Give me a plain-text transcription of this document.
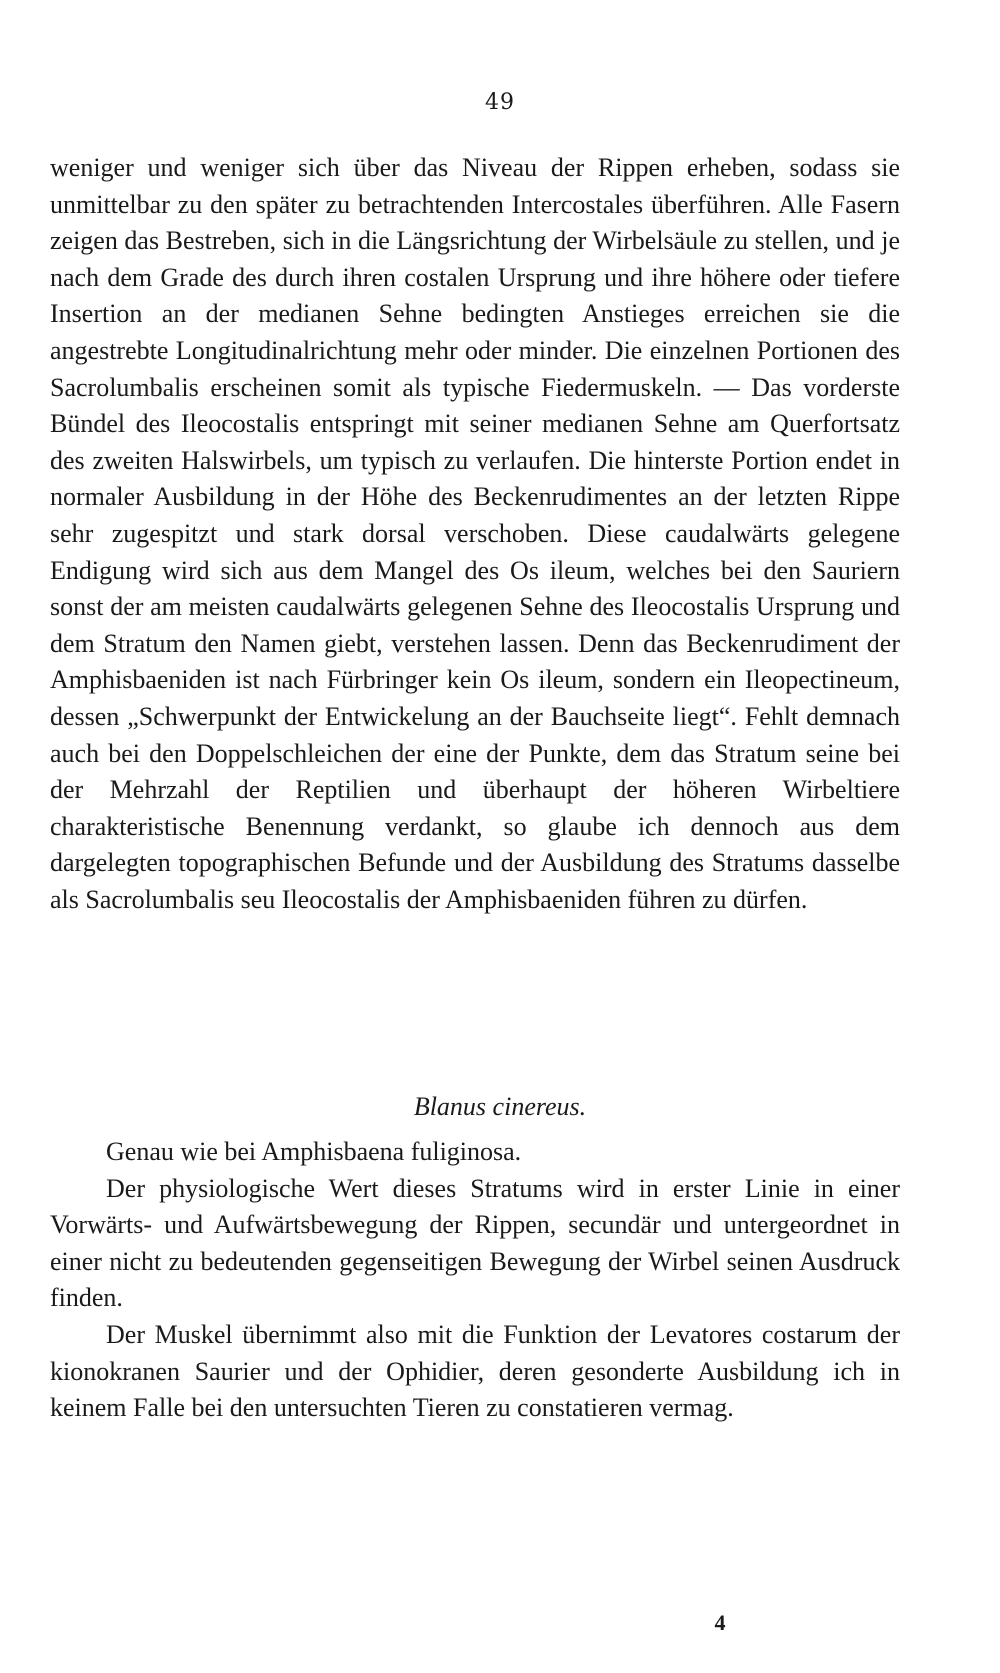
49

weniger und weniger sich über das Niveau der Rippen erheben, sodass sie unmittelbar zu den später zu betrachtenden Intercostales überführen. Alle Fasern zeigen das Bestreben, sich in die Längsrichtung der Wirbelsäule zu stellen, und je nach dem Grade des durch ihren costalen Ursprung und ihre höhere oder tiefere Insertion an der medianen Sehne bedingten Anstieges erreichen sie die angestrebte Longitudinalrichtung mehr oder minder. Die einzelnen Portionen des Sacrolumbalis erscheinen somit als typische Fiedermuskeln. — Das vorderste Bündel des Ileocostalis entspringt mit seiner medianen Sehne am Querfortsatz des zweiten Halswirbels, um typisch zu verlaufen. Die hinterste Portion endet in normaler Ausbildung in der Höhe des Beckenrudimentes an der letzten Rippe sehr zugespitzt und stark dorsal verschoben. Diese caudalwärts gelegene Endigung wird sich aus dem Mangel des Os ileum, welches bei den Sauriern sonst der am meisten caudalwärts gelegenen Sehne des Ileocostalis Ursprung und dem Stratum den Namen giebt, verstehen lassen. Denn das Beckenrudiment der Amphisbaeniden ist nach Fürbringer kein Os ileum, sondern ein Ileopectineum, dessen „Schwerpunkt der Entwickelung an der Bauchseite liegt“. Fehlt demnach auch bei den Doppelschleichen der eine der Punkte, dem das Stratum seine bei der Mehrzahl der Reptilien und überhaupt der höheren Wirbeltiere charakteristische Benennung verdankt, so glaube ich dennoch aus dem dargelegten topographischen Befunde und der Ausbildung des Stratums dasselbe als Sacrolumbalis seu Ileocostalis der Amphisbaeniden führen zu dürfen.

Blanus cinereus.

Genau wie bei Amphisbaena fuliginosa.

Der physiologische Wert dieses Stratums wird in erster Linie in einer Vorwärts- und Aufwärtsbewegung der Rippen, secundär und untergeordnet in einer nicht zu bedeutenden gegenseitigen Bewegung der Wirbel seinen Ausdruck finden.

Der Muskel übernimmt also mit die Funktion der Levatores costarum der kionokranen Saurier und der Ophidier, deren gesonderte Ausbildung ich in keinem Falle bei den untersuchten Tieren zu constatieren vermag.

4
